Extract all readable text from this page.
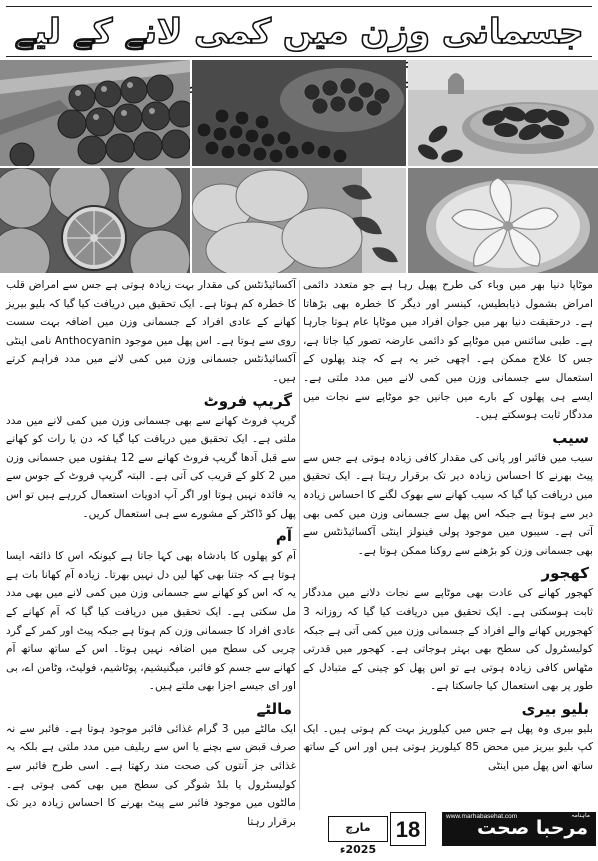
جسمانی وزن میں کمی لانے کے لیے

موٹاپا دنیا بھر میں وباء کی طرح پھیل رہا ہے جو متعدد دائمی امراض بشمول ذیابطیس، کینسر اور دیگر کا خطرہ بھی بڑھاتا ہے۔ درحقیقت دنیا بھر میں جوان افراد میں موٹاپا عام ہوتا جارہا ہے۔ طبی سائنس میں موٹاپے کو دائمی عارضہ تصور کیا جاتا ہے، جس کا علاج ممکن ہے۔ اچھی خبر یہ ہے کہ چند پھلوں کے استعمال سے جسمانی وزن میں کمی لانے میں مدد ملتی ہے۔ ایسے ہی پھلوں کے بارے میں جانیں جو موٹاپے سے نجات میں مددگار ثابت ہوسکتے ہیں۔

سیب

سیب میں فائبر اور پانی کی مقدار کافی زیادہ ہوتی ہے جس سے پیٹ بھرنے کا احساس زیادہ دیر تک برقرار رہتا ہے۔ ایک تحقیق میں دریافت کیا گیا کہ سیب کھانے سے بھوک لگنے کا احساس زیادہ دیر سے ہوتا ہے جبکہ اس پھل سے جسمانی وزن میں کمی بھی آتی ہے۔ سیبوں میں موجود پولی فینولز اینٹی آکسائیڈنٹس سے بھی جسمانی وزن کو بڑھنے سے روکنا ممکن ہوتا ہے۔

کھجور

کھجور کھانے کی عادت بھی موٹاپے سے نجات دلانے میں مددگار ثابت ہوسکتی ہے۔ ایک تحقیق میں دریافت کیا گیا کہ روزانہ 3 کھجوریں کھانے والے افراد کے جسمانی وزن میں کمی آتی ہے جبکہ کولیسٹرول کی سطح بھی بہتر ہوجاتی ہے۔ کھجور میں قدرتی مٹھاس کافی زیادہ ہوتی ہے تو اس پھل کو چینی کے متبادل کے طور پر بھی استعمال کیا جاسکتا ہے۔

بلیو بیری

بلیو بیری وہ پھل ہے جس میں کیلوریز بہت کم ہوتی ہیں۔ ایک کپ بلیو بیریز میں محض 85 کیلوریز ہوتی ہیں اور اس کے ساتھ ساتھ اس پھل میں اینٹی

آکسائیڈنٹس کی مقدار بہت زیادہ ہوتی ہے جس سے امراض قلب کا خطرہ کم ہوتا ہے۔ ایک تحقیق میں دریافت کیا گیا کہ بلیو بیریز کھانے کے عادی افراد کے جسمانی وزن میں اضافہ بہت سست روی سے ہوتا ہے۔ اس پھل میں موجود Anthocyanin نامی اینٹی آکسائیڈنٹس جسمانی وزن میں کمی لانے میں مدد فراہم کرتے ہیں۔

گریپ فروٹ

گریپ فروٹ کھانے سے بھی جسمانی وزن میں کمی لانے میں مدد ملتی ہے۔ ایک تحقیق میں دریافت کیا گیا کہ دن یا رات کو کھانے سے قبل آدھا گریپ فروٹ کھانے سے 12 ہفتوں میں جسمانی وزن میں 2 کلو کے قریب کی آتی ہے۔ البتہ گریپ فروٹ کے جوس سے یہ فائدہ نہیں ہوتا اور اگر آپ ادویات استعمال کررہے ہیں تو اس پھل کو ڈاکٹر کے مشورے سے ہی استعمال کریں۔

آم

آم کو پھلوں کا بادشاہ بھی کہا جاتا ہے کیونکہ اس کا ذائقہ ایسا ہوتا ہے کہ جتنا بھی کھا لیں دل نہیں بھرتا۔ زیادہ آم کھانا بات ہے یہ کہ اس کو کھانے سے جسمانی وزن میں کمی لانے میں بھی مدد مل سکتی ہے۔ ایک تحقیق میں دریافت کیا گیا کہ آم کھانے کے عادی افراد کا جسمانی وزن کم ہوتا ہے جبکہ پیٹ اور کمر کے گرد چربی کی سطح میں اضافہ نہیں ہوتا۔ اس کے ساتھ ساتھ آم کھانے سے جسم کو فائبر، میگنیشیم، پوٹاشیم، فولیٹ، وٹامن اے، بی اور ای جیسے اجزا بھی ملتے ہیں۔

مالٹے

ایک مالٹے میں 3 گرام غذائی فائبر موجود ہوتا ہے۔ فائبر سے نہ صرف قبض سے بچنے یا اس سے ریلیف میں مدد ملتی ہے بلکہ یہ غذائی جز آنتوں کی صحت مند رکھتا ہے۔ اسی طرح فائبر سے کولیسٹرول یا بلڈ شوگر کی سطح میں بھی کمی ہوتی ہے۔ مالٹوں میں موجود فائبر سے پیٹ بھرنے کا احساس زیادہ دیر تک برقرار رہتا

ماہنامہ
مرحبا صحت
www.marhabasehat.com
18
مارچ 2025ء
